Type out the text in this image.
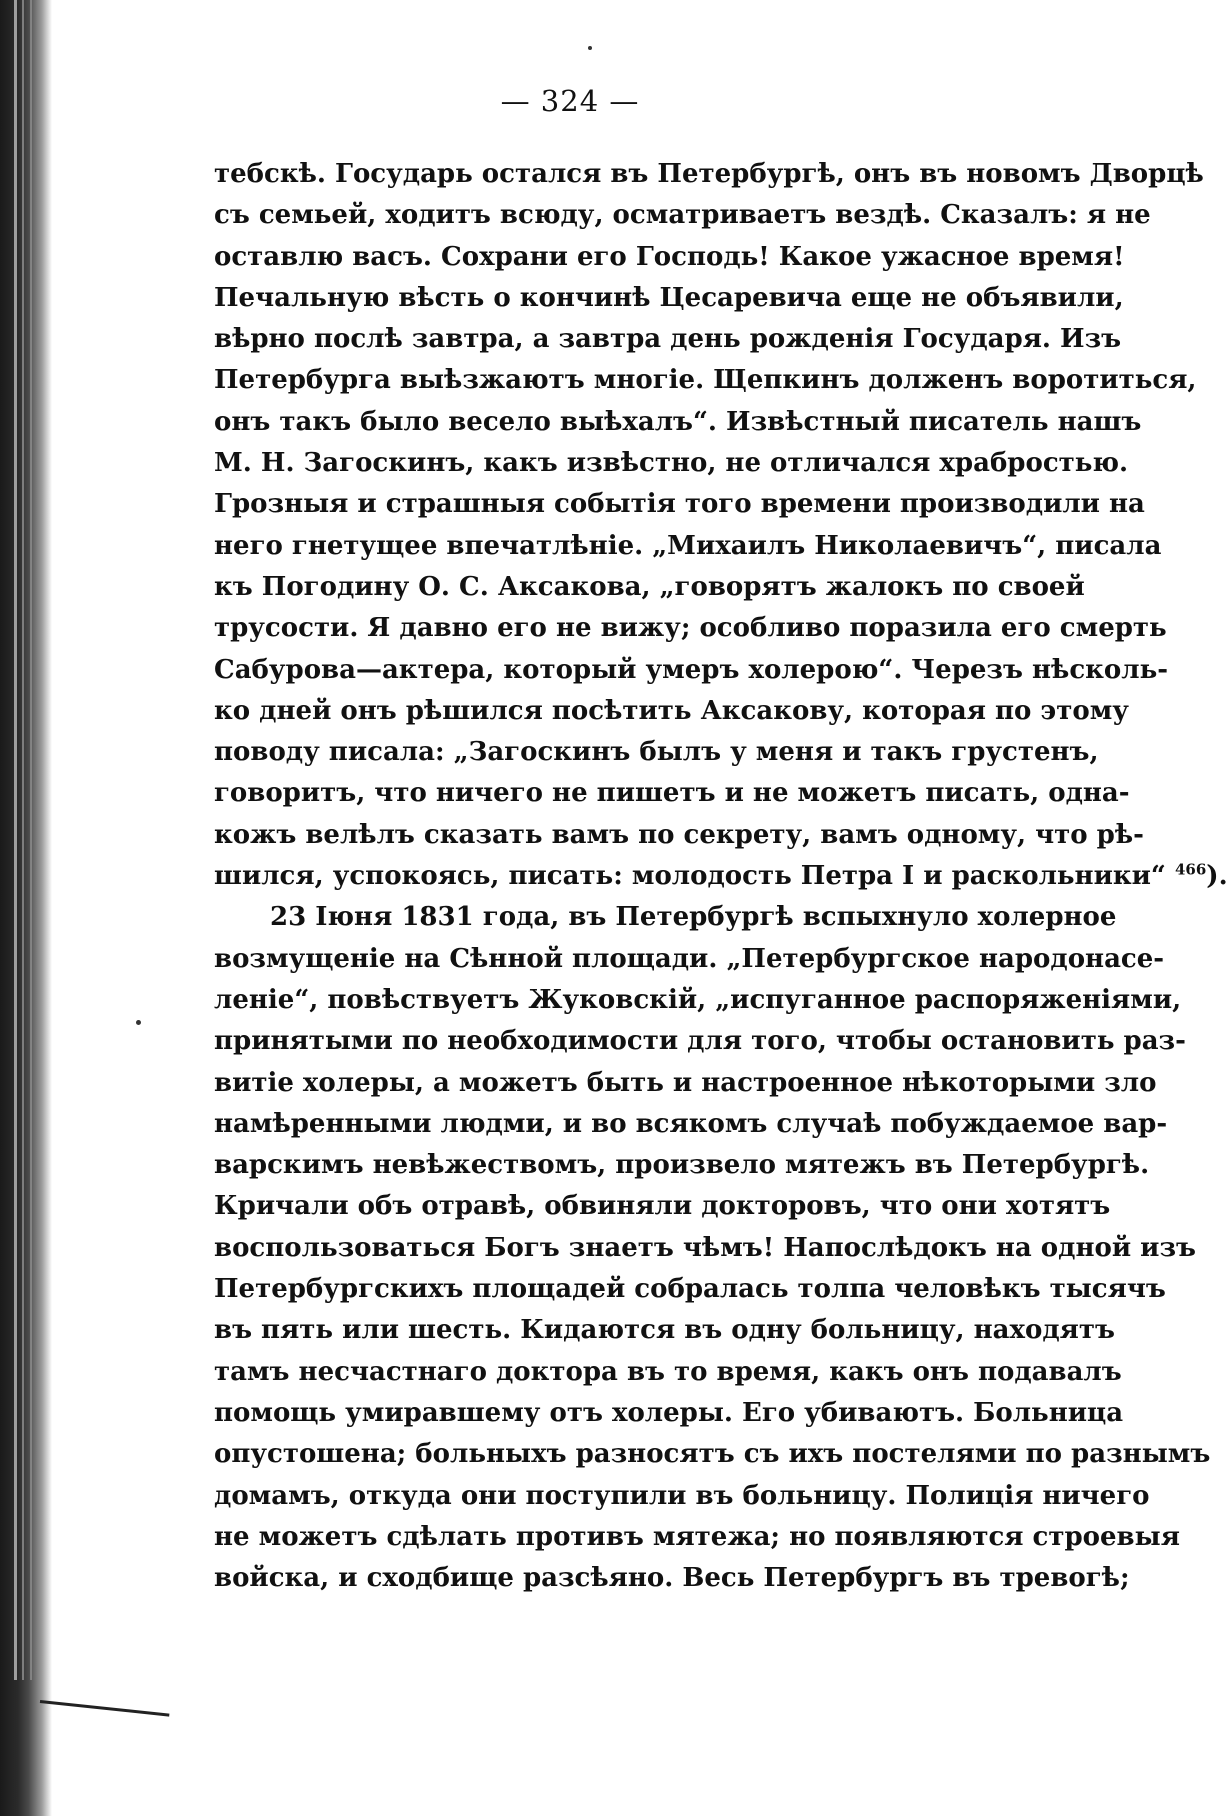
— 324 —
тебскѣ. Государь остался въ Петербургѣ, онъ въ новомъ Дворцѣ
съ семьей, ходитъ всюду, осматриваетъ вездѣ. Сказалъ: я не
оставлю васъ. Сохрани его Господь! Какое ужасное время!
Печальную вѣсть о кончинѣ Цесаревича еще не объявили,
вѣрно послѣ завтра, а завтра день рожденія Государя. Изъ
Петербурга выѣзжаютъ многіе. Щепкинъ долженъ воротиться,
онъ такъ было весело выѣхалъ“. Извѣстный писатель нашъ
М. Н. Загоскинъ, какъ извѣстно, не отличался храбростью.
Грозныя и страшныя событія того времени производили на
него гнетущее впечатлѣніе. „Михаилъ Николаевичъ“, писала
къ Погодину О. С. Аксакова, „говорятъ жалокъ по своей
трусости. Я давно его не вижу; особливо поразила его смерть
Сабурова—актера, который умеръ холерою“. Черезъ нѣсколь-
ко дней онъ рѣшился посѣтить Аксакову, которая по этому
поводу писала: „Загоскинъ былъ у меня и такъ грустенъ,
говоритъ, что ничего не пишетъ и не можетъ писать, одна-
кожъ велѣлъ сказать вамъ по секрету, вамъ одному, что рѣ-
шился, успокоясь, писать: молодость Петра I и раскольники“ $^{466}$).
23 Іюня 1831 года, въ Петербургѣ вспыхнуло холерное
возмущеніе на Сѣнной площади. „Петербургское народонасе-
леніе“, повѣствуетъ Жуковскій, „испуганное распоряженіями,
принятыми по необходимости для того, чтобы остановить раз-
витіе холеры, а можетъ быть и настроенное нѣкоторыми зло
намѣренными людми, и во всякомъ случаѣ побуждаемое вар-
варскимъ невѣжествомъ, произвело мятежъ въ Петербургѣ.
Кричали объ отравѣ, обвиняли докторовъ, что они хотятъ
воспользоваться Богъ знаетъ чѣмъ! Напослѣдокъ на одной изъ
Петербургскихъ площадей собралась толпа человѣкъ тысячъ
въ пять или шесть. Кидаются въ одну больницу, находятъ
тамъ несчастнаго доктора въ то время, какъ онъ подавалъ
помощь умиравшему отъ холеры. Его убиваютъ. Больница
опустошена; больныхъ разносятъ съ ихъ постелями по разнымъ
домамъ, откуда они поступили въ больницу. Полиція ничего
не можетъ сдѣлать противъ мятежа; но появляются строевыя
войска, и сходбище разсѣяно. Весь Петербургъ въ тревогѣ;
